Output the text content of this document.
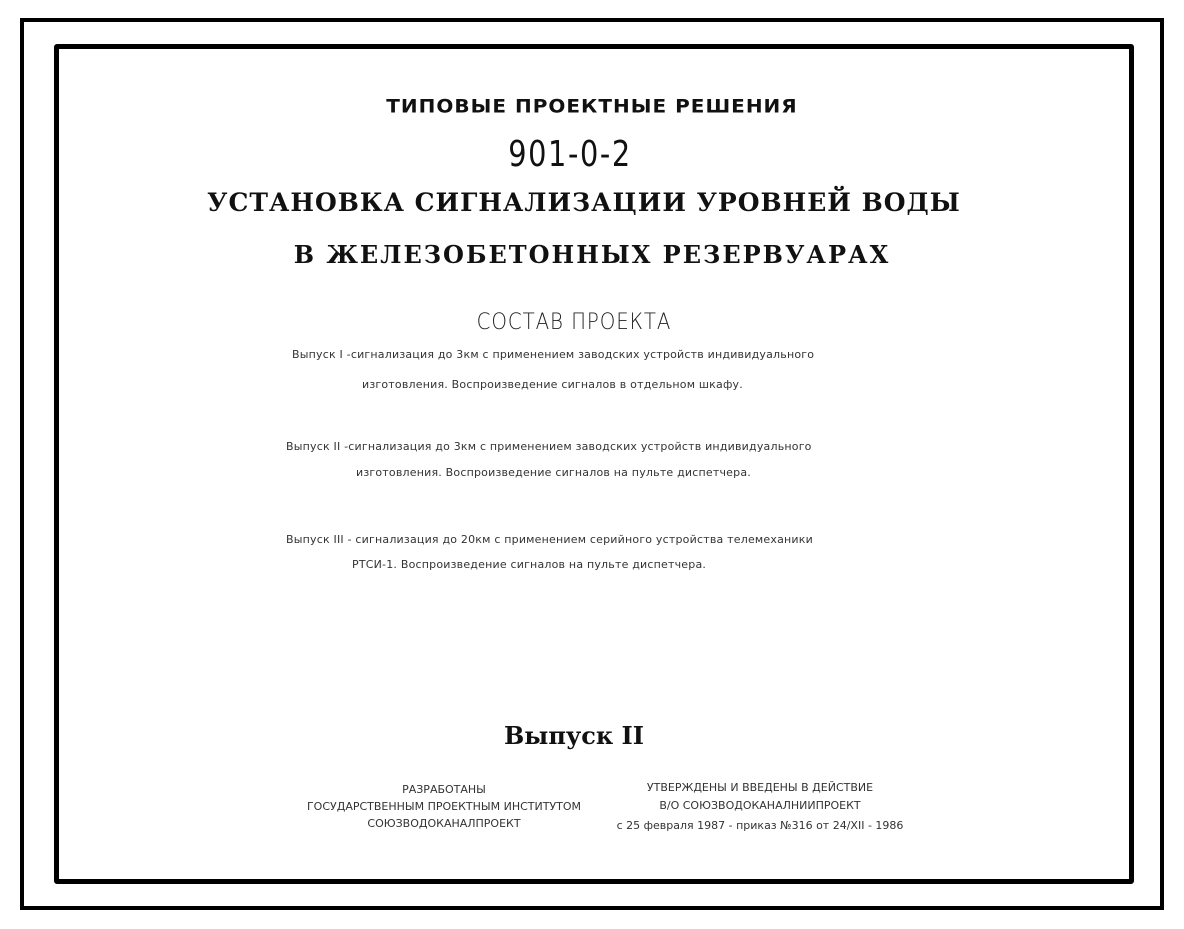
ТИПОВЫЕ ПРОЕКТНЫЕ РЕШЕНИЯ
901-0-2
УСТАНОВКА СИГНАЛИЗАЦИИ УРОВНЕЙ ВОДЫ
В ЖЕЛЕЗОБЕТОННЫХ РЕЗЕРВУАРАХ
СОСТАВ ПРОЕКТА
Выпуск I -сигнализация до 3км с применением заводских устройств индивидуального
изготовления. Воспроизведение сигналов в отдельном шкафу.
Выпуск II -сигнализация до 3км с применением заводских устройств индивидуального
изготовления. Воспроизведение сигналов на пульте диспетчера.
Выпуск III - сигнализация до 20км с применением серийного устройства телемеханики
РТСИ-1. Воспроизведение сигналов на пульте диспетчера.
Выпуск II
РАЗРАБОТАНЫ
ГОСУДАРСТВЕННЫМ ПРОЕКТНЫМ ИНСТИТУТОМ
СОЮЗВОДОКАНАЛПРОЕКТ
УТВЕРЖДЕНЫ И ВВЕДЕНЫ В ДЕЙСТВИЕ
В/О СОЮЗВОДОКАНАЛНИИПРОЕКТ
с 25 февраля 1987 - приказ №316 от 24/XII - 1986
